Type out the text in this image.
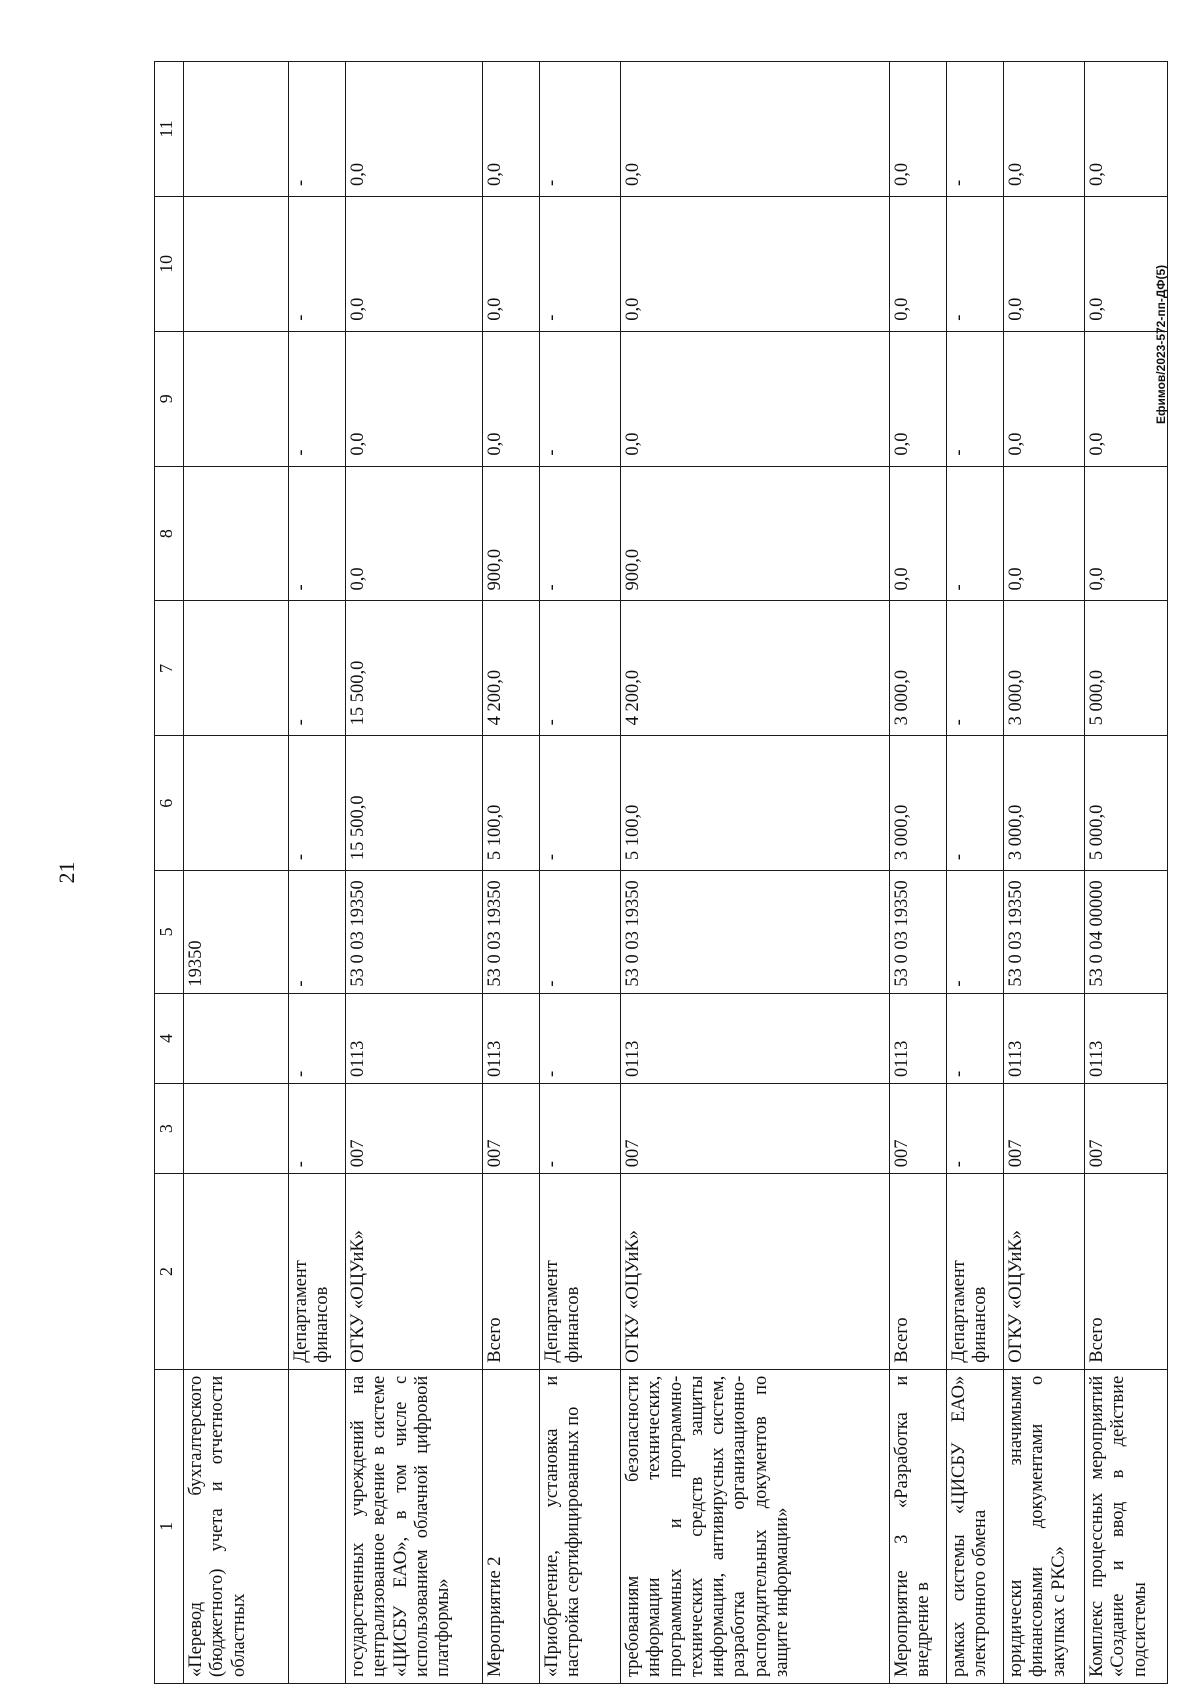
21
Ефимов/2023-572-пп-ДФ(5)
1	2	3	4	5	6	7	8	9	10	11
«Перевод бухгалтерского (бюджетного) учета и отчетности областных				19350						
	Департамент финансов	-	-	-	-	-	-	-	-	-
государственных учреждений на централизованное ведение в системе «ЦИСБУ ЕАО», в том числе с использованием облачной цифровой платформы»	ОГКУ «ОЦУиК»	007	0113	53 0 03 19350	15 500,0	15 500,0	0,0	0,0	0,0	0,0
Мероприятие 2	Всего	007	0113	53 0 03 19350	5 100,0	4 200,0	900,0	0,0	0,0	0,0
«Приобретение, установка и настройка сертифицированных по	Департамент финансов	-	-	-	-	-	-	-	-	-
требованиям безопасности информации технических, программных и программно-технических средств защиты информации, антивирусных систем, разработка организационно-распорядительных документов по защите информации»	ОГКУ «ОЦУиК»	007	0113	53 0 03 19350	5 100,0	4 200,0	900,0	0,0	0,0	0,0
Мероприятие 3 «Разработка и внедрение в	Всего	007	0113	53 0 03 19350	3 000,0	3 000,0	0,0	0,0	0,0	0,0
рамках системы «ЦИСБУ ЕАО» электронного обмена	Департамент финансов	-	-	-	-	-	-	-	-	-
юридически значимыми финансовыми документами о закупках с РКС»	ОГКУ «ОЦУиК»	007	0113	53 0 03 19350	3 000,0	3 000,0	0,0	0,0	0,0	0,0
Комплекс процессных мероприятий «Создание и ввод в действие подсистемы	Всего	007	0113	53 0 04 00000	5 000,0	5 000,0	0,0	0,0	0,0	0,0
